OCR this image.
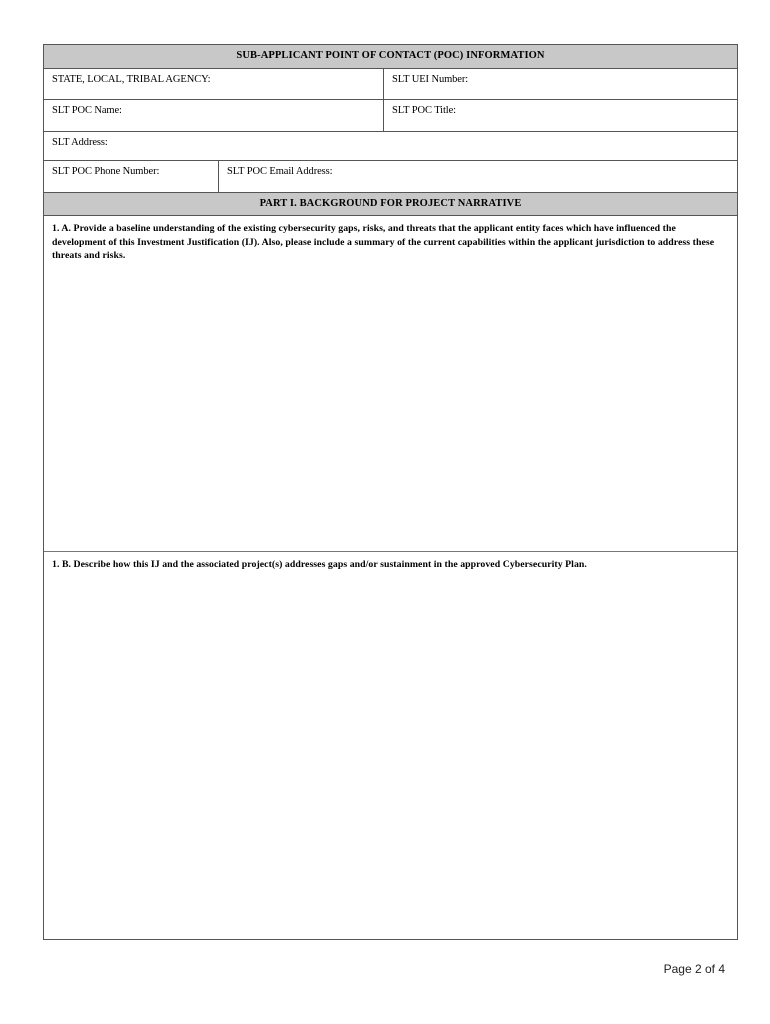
SUB-APPLICANT POINT OF CONTACT (POC) INFORMATION
STATE, LOCAL, TRIBAL AGENCY:	SLT UEI Number:
SLT POC Name:	SLT POC Title:
SLT Address:
SLT POC Phone Number:	SLT POC Email Address:
PART I. BACKGROUND FOR PROJECT NARRATIVE
1. A. Provide a baseline understanding of the existing cybersecurity gaps, risks, and threats that the applicant entity faces which have influenced the development of this Investment Justification (IJ). Also, please include a summary of the current capabilities within the applicant jurisdiction to address these threats and risks.
1. B. Describe how this IJ and the associated project(s) addresses gaps and/or sustainment in the approved Cybersecurity Plan.
Page 2 of 4
